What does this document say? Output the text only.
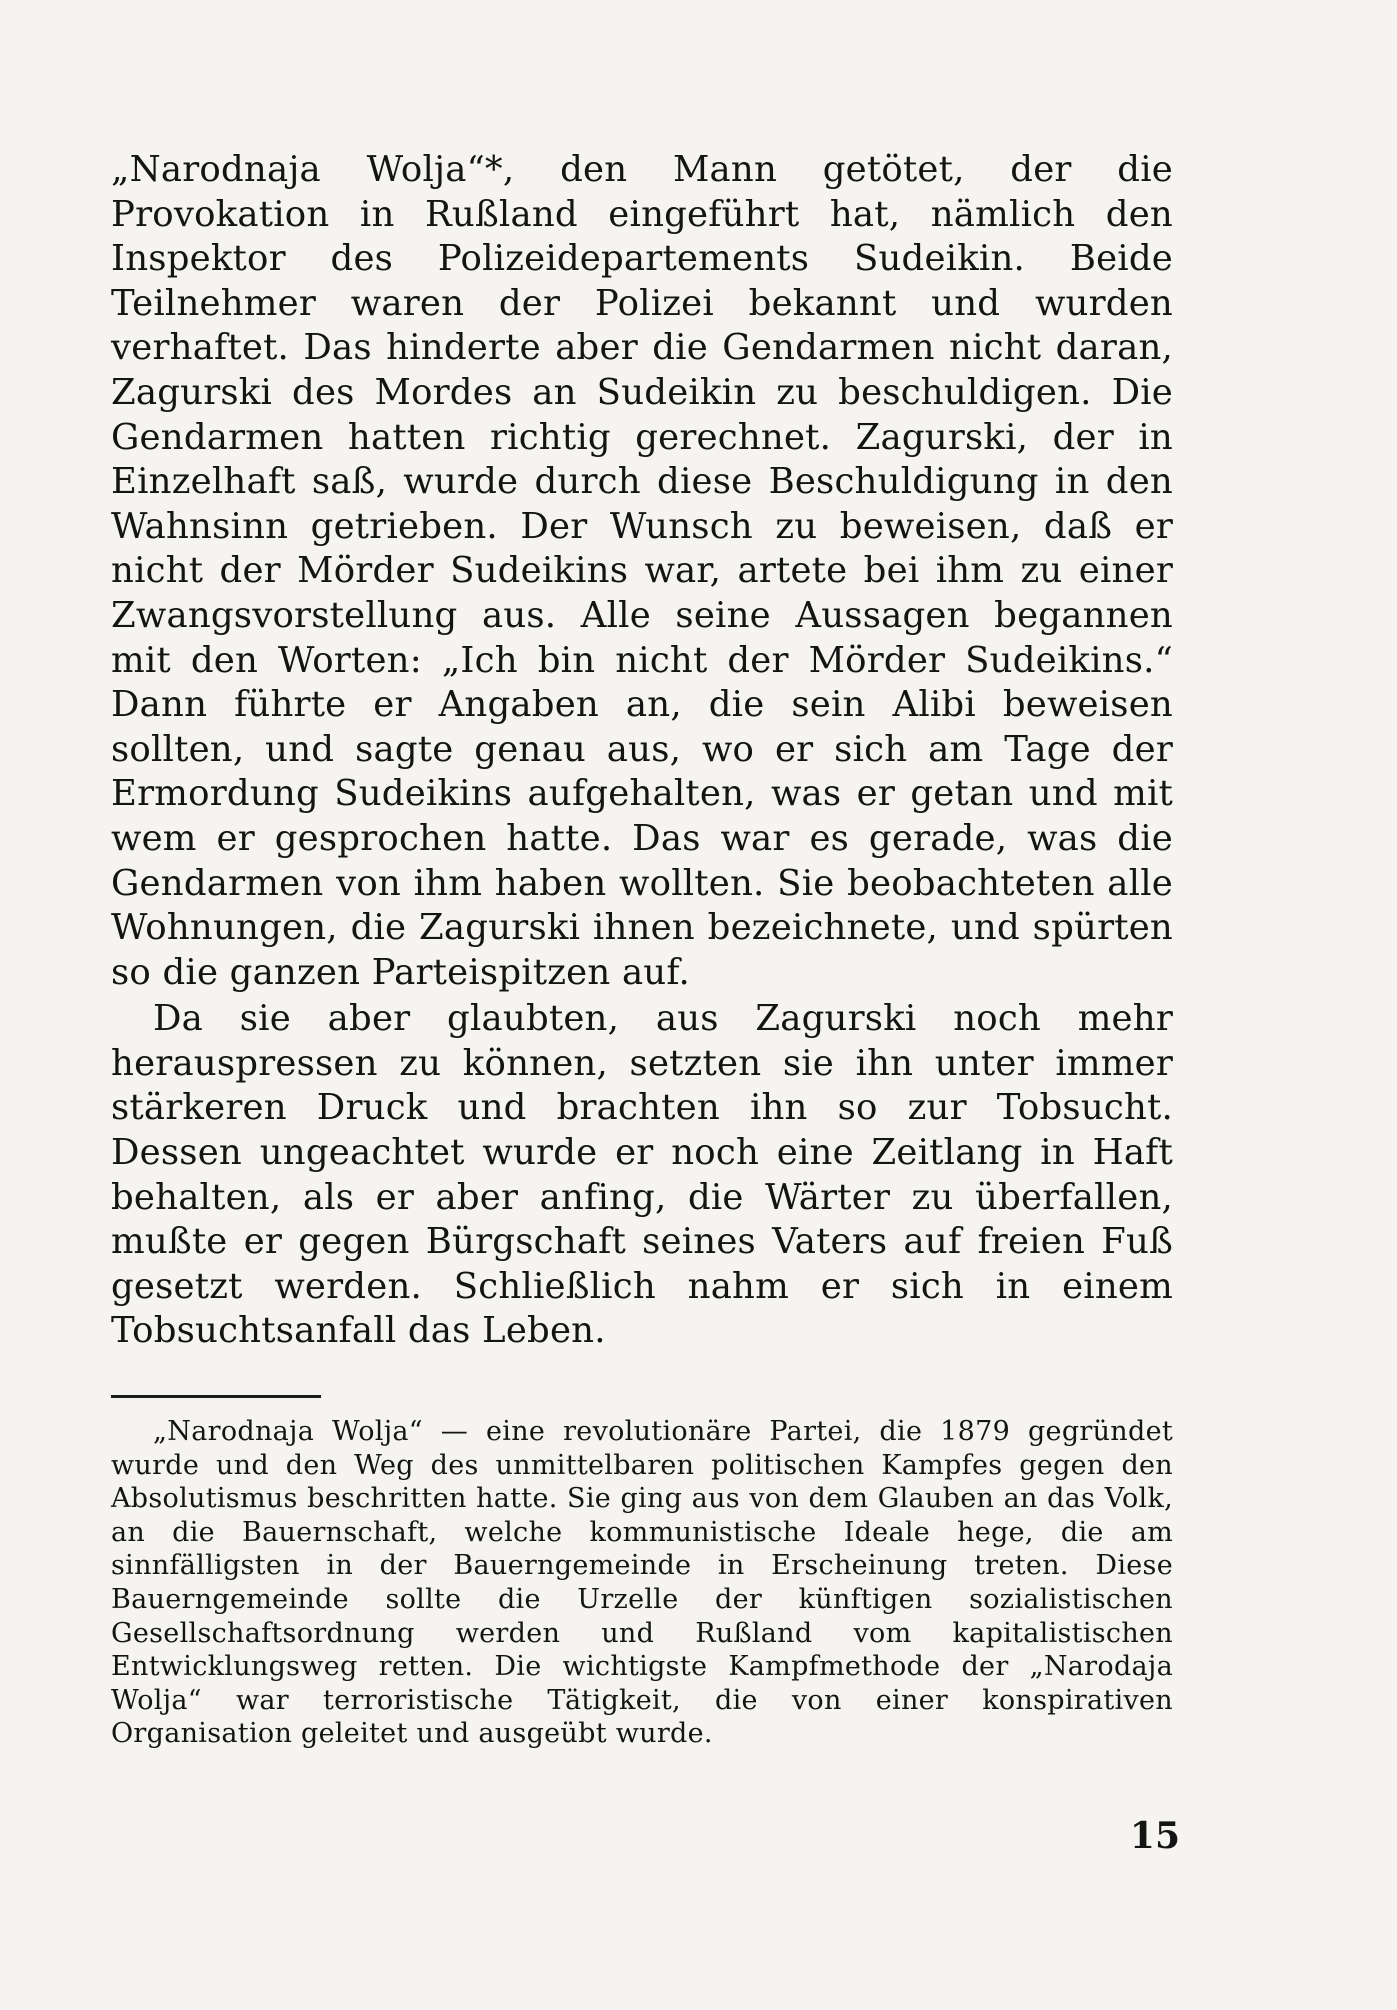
„Narodnaja Wolja“*, den Mann getötet, der die Provokation in Rußland eingeführt hat, nämlich den Inspektor des Polizeidepartements Sudeikin. Beide Teilnehmer waren der Polizei bekannt und wurden verhaftet. Das hinderte aber die Gendarmen nicht daran, Zagurski des Mordes an Sudeikin zu beschuldigen. Die Gendarmen hatten richtig gerechnet. Zagurski, der in Einzelhaft saß, wurde durch diese Beschuldigung in den Wahnsinn getrieben. Der Wunsch zu beweisen, daß er nicht der Mörder Sudeikins war, artete bei ihm zu einer Zwangsvorstellung aus. Alle seine Aussagen begannen mit den Worten: „Ich bin nicht der Mörder Sudeikins.“ Dann führte er Angaben an, die sein Alibi beweisen sollten, und sagte genau aus, wo er sich am Tage der Ermordung Sudeikins aufgehalten, was er getan und mit wem er gesprochen hatte. Das war es gerade, was die Gendarmen von ihm haben wollten. Sie beobachteten alle Wohnungen, die Zagurski ihnen bezeichnete, und spürten so die ganzen Parteispitzen auf.

Da sie aber glaubten, aus Zagurski noch mehr herauspressen zu können, setzten sie ihn unter immer stärkeren Druck und brachten ihn so zur Tobsucht. Dessen ungeachtet wurde er noch eine Zeitlang in Haft behalten, als er aber anfing, die Wärter zu überfallen, mußte er gegen Bürgschaft seines Vaters auf freien Fuß gesetzt werden. Schließlich nahm er sich in einem Tobsuchtsanfall das Leben.

„Narodnaja Wolja“ — eine revolutionäre Partei, die 1879 gegründet wurde und den Weg des unmittelbaren politischen Kampfes gegen den Absolutismus beschritten hatte. Sie ging aus von dem Glauben an das Volk, an die Bauernschaft, welche kommunistische Ideale hege, die am sinnfälligsten in der Bauerngemeinde in Erscheinung treten. Diese Bauerngemeinde sollte die Urzelle der künftigen sozialistischen Gesellschaftsordnung werden und Rußland vom kapitalistischen Entwicklungsweg retten. Die wichtigste Kampfmethode der „Narodaja Wolja“ war terroristische Tätigkeit, die von einer konspirativen Organisation geleitet und ausgeübt wurde.
15
